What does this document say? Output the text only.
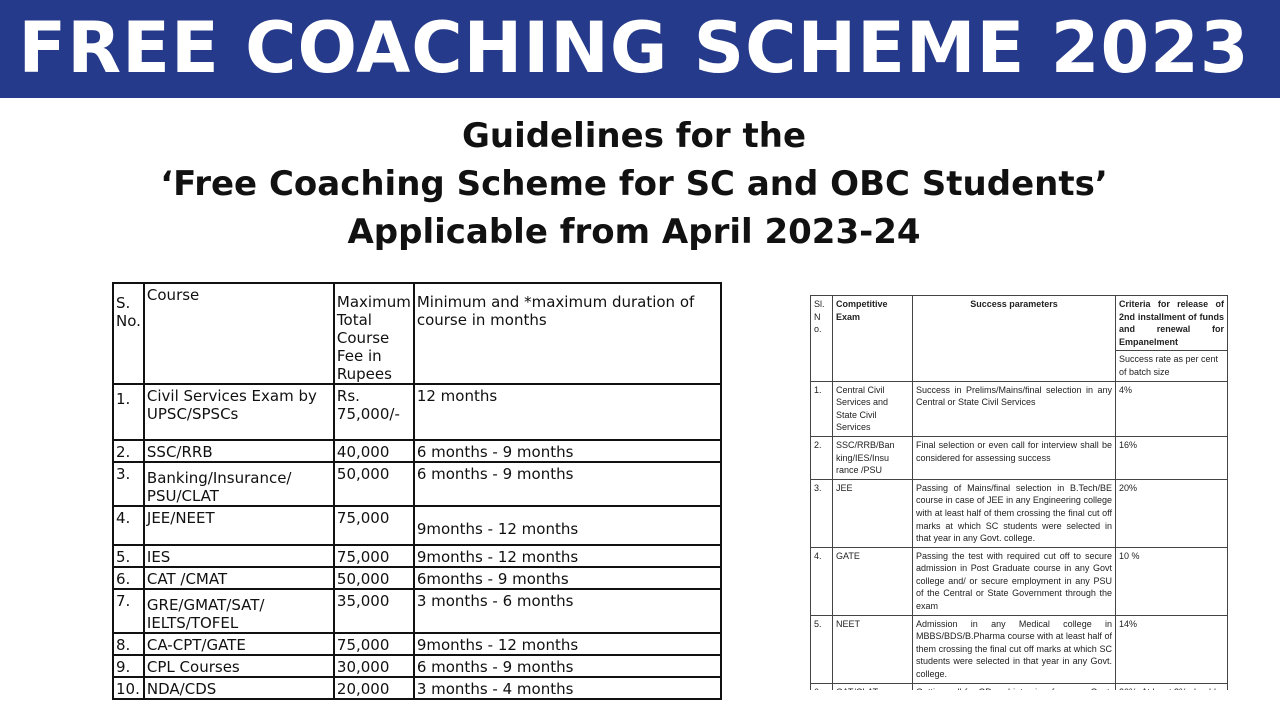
FREE COACHING SCHEME 2023
Guidelines for the
‘Free Coaching Scheme for SC and OBC Students’
Applicable from April 2023-24
S. No.	Course	Maximum Total Course Fee in Rupees	Minimum and *maximum duration of course in months
1.	Civil Services Exam by UPSC/SPSCs	Rs. 75,000/-	12 months
2.	SSC/RRB	40,000	6 months - 9 months
3.	Banking/Insurance/ PSU/CLAT	50,000	6 months - 9 months
4.	JEE/NEET	75,000	9months - 12 months
5.	IES	75,000	9months - 12 months
6.	CAT /CMAT	50,000	6months - 9 months
7.	GRE/GMAT/SAT/ IELTS/TOFEL	35,000	3 months - 6 months
8.	CA-CPT/GATE	75,000	9months - 12 months
9.	CPL Courses	30,000	6 months - 9 months
10.	NDA/CDS	20,000	3 months - 4 months
Sl. N o.	Competitive Exam	Success parameters	Criteria for release of 2nd installment of funds and renewal for Empanelment
			Success rate as per cent of batch size
1.	Central Civil Services and State Civil Services	Success in Prelims/Mains/final selection in any Central or State Civil Services	4%
2.	SSC/RRB/Ban king/IES/Insu rance /PSU	Final selection or even call for interview shall be considered for assessing success	16%
3.	JEE	Passing of Mains/final selection in B.Tech/BE course in case of JEE in any Engineering college with at least half of them crossing the final cut off marks at which SC students were selected in that year in any Govt. college.	20%
4.	GATE	Passing the test with required cut off to secure admission in Post Graduate course in any Govt college and/ or secure employment in any PSU of the Central or State Government through the exam	10 %
5.	NEET	Admission in any Medical college in MBBS/BDS/B.Pharma course with at least half of them crossing the final cut off marks at which SC students were selected in that year in any Govt. college.	14%
